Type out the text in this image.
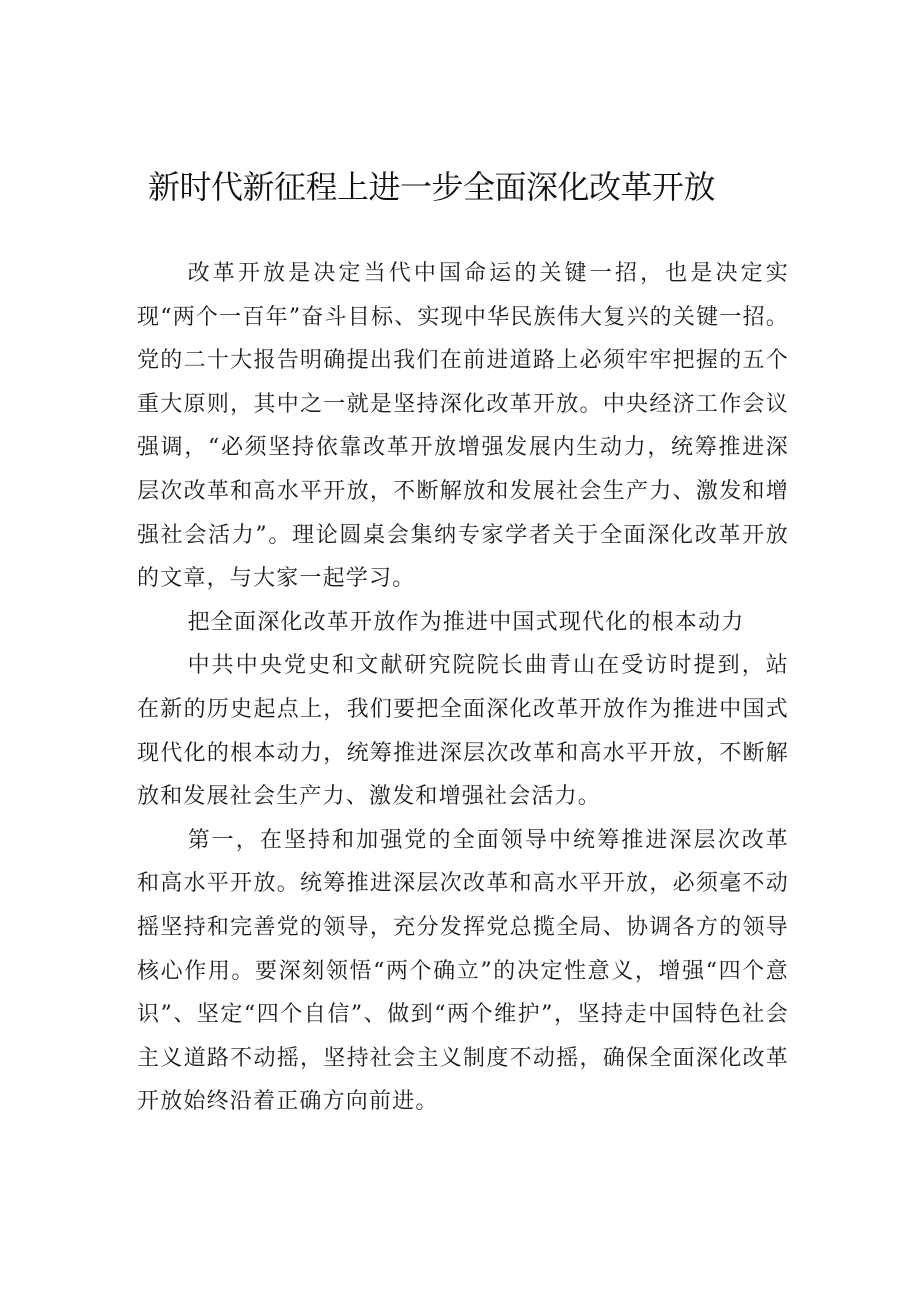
新时代新征程上进一步全面深化改革开放

改革开放是决定当代中国命运的关键一招，也是决定实现“两个一百年”奋斗目标、实现中华民族伟大复兴的关键一招。党的二十大报告明确提出我们在前进道路上必须牢牢把握的五个重大原则，其中之一就是坚持深化改革开放。中央经济工作会议强调，“必须坚持依靠改革开放增强发展内生动力，统筹推进深层次改革和高水平开放，不断解放和发展社会生产力、激发和增强社会活力”。理论圆桌会集纳专家学者关于全面深化改革开放的文章，与大家一起学习。

把全面深化改革开放作为推进中国式现代化的根本动力

中共中央党史和文献研究院院长曲青山在受访时提到，站在新的历史起点上，我们要把全面深化改革开放作为推进中国式现代化的根本动力，统筹推进深层次改革和高水平开放，不断解放和发展社会生产力、激发和增强社会活力。

第一，在坚持和加强党的全面领导中统筹推进深层次改革和高水平开放。统筹推进深层次改革和高水平开放，必须毫不动摇坚持和完善党的领导，充分发挥党总揽全局、协调各方的领导核心作用。要深刻领悟“两个确立”的决定性意义，增强“四个意识”、坚定“四个自信”、做到“两个维护”，坚持走中国特色社会主义道路不动摇，坚持社会主义制度不动摇，确保全面深化改革开放始终沿着正确方向前进。
